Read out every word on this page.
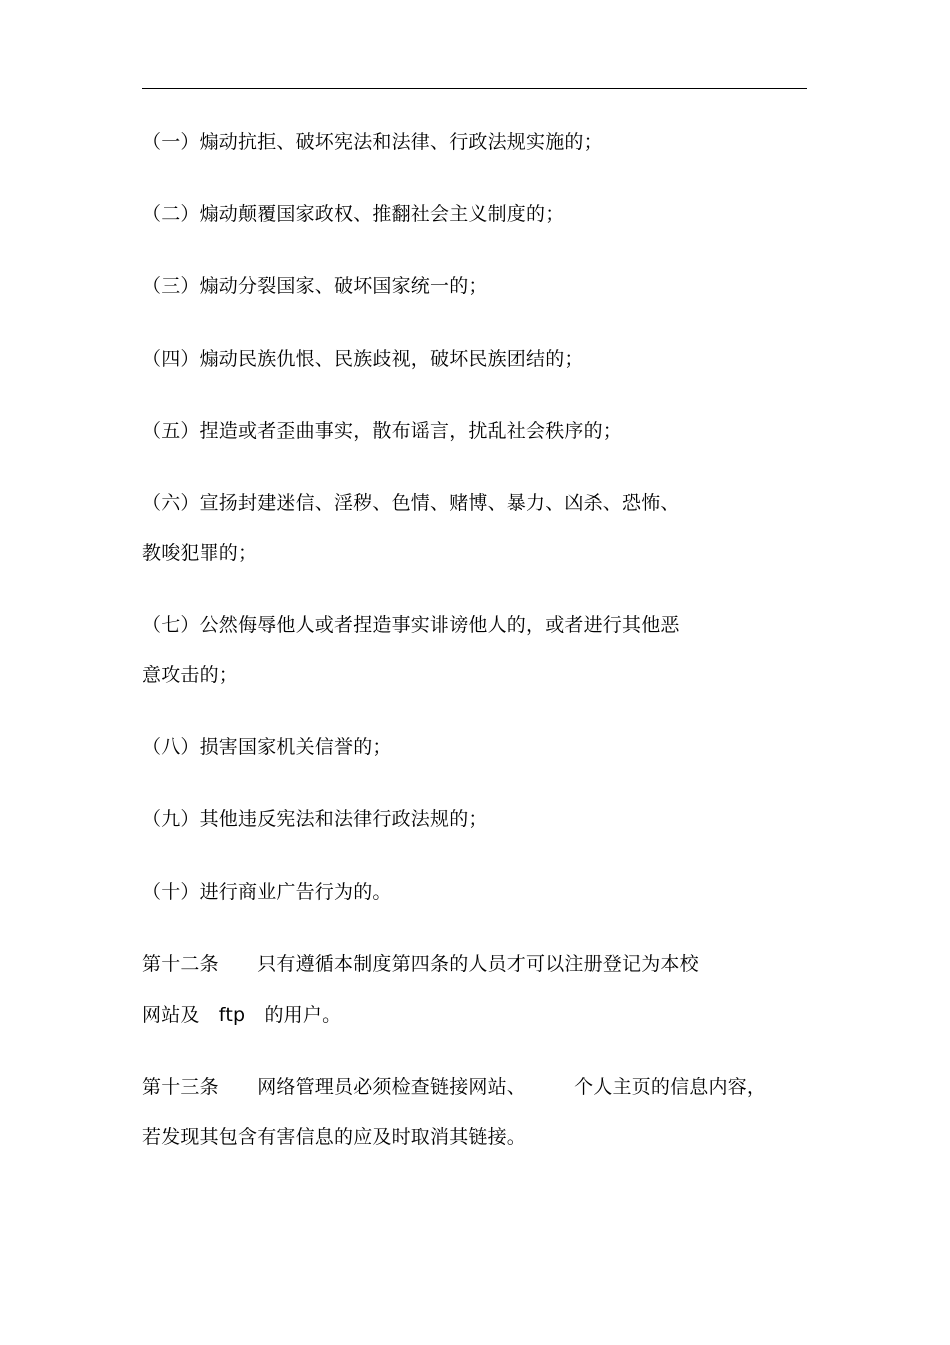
（一）煽动抗拒、破坏宪法和法律、行政法规实施的；
（二）煽动颠覆国家政权、推翻社会主义制度的；
（三）煽动分裂国家、破坏国家统一的；
（四）煽动民族仇恨、民族歧视，破坏民族团结的；
（五）捏造或者歪曲事实，散布谣言，扰乱社会秩序的；
（六）宣扬封建迷信、淫秽、色情、赌博、暴力、凶杀、恐怖、
教唆犯罪的；
（七）公然侮辱他人或者捏造事实诽谤他人的，或者进行其他恶
意攻击的；
（八）损害国家机关信誉的；
（九）其他违反宪法和法律行政法规的；
（十）进行商业广告行为的。
第十二条　　只有遵循本制度第四条的人员才可以注册登记为本校
网站及　ftp　的用户。
第十三条　　网络管理员必须检查链接网站、　　　个人主页的信息内容，
若发现其包含有害信息的应及时取消其链接。
